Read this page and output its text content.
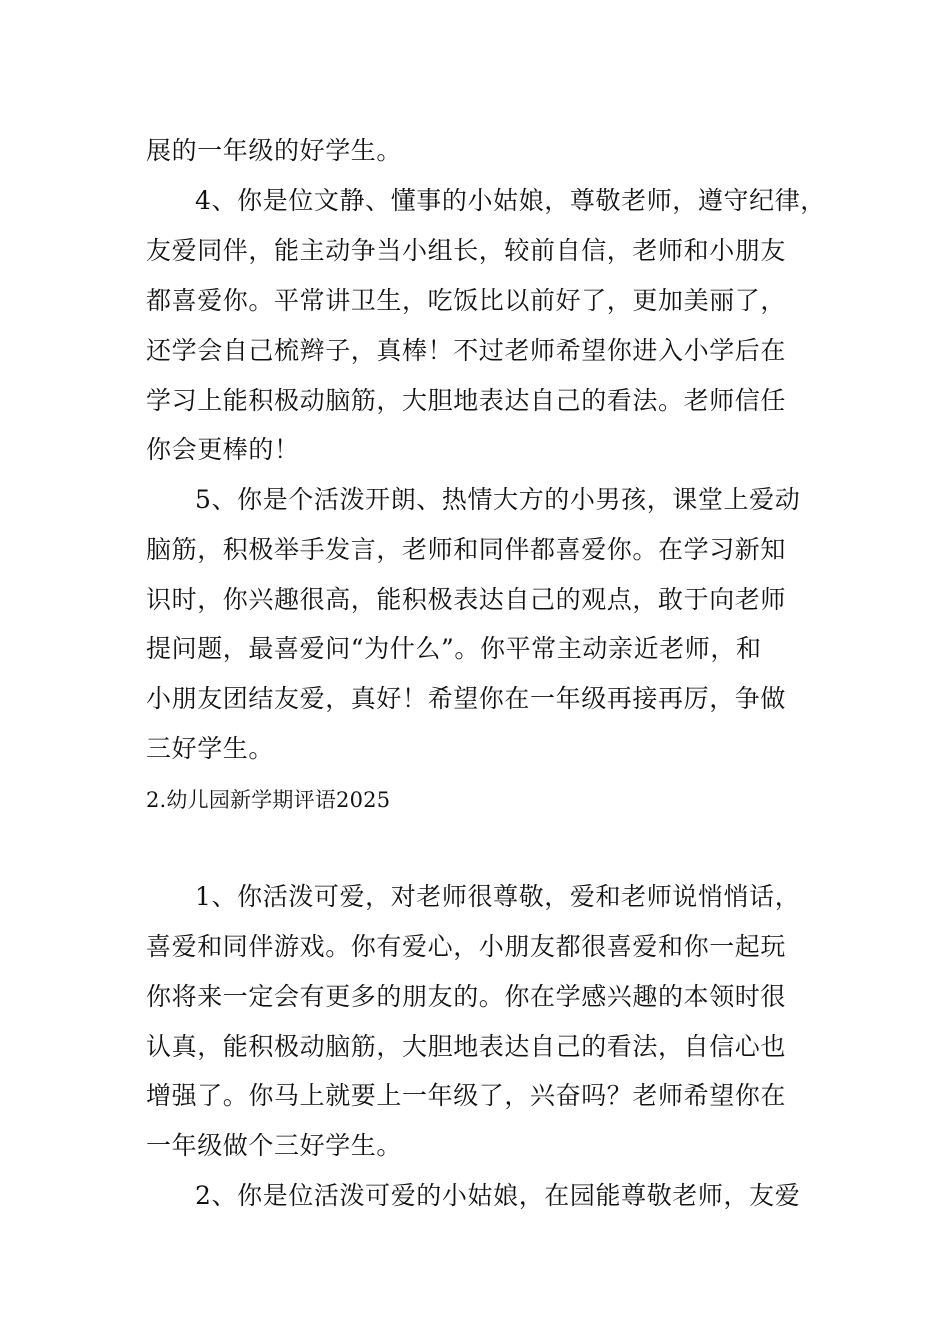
展的一年级的好学生。
4、你是位文静、懂事的小姑娘，尊敬老师，遵守纪律，
友爱同伴，能主动争当小组长，较前自信，老师和小朋友
都喜爱你。平常讲卫生，吃饭比以前好了，更加美丽了，
还学会自己梳辫子，真棒！不过老师希望你进入小学后在
学习上能积极动脑筋，大胆地表达自己的看法。老师信任
你会更棒的！
5、你是个活泼开朗、热情大方的小男孩，课堂上爱动
脑筋，积极举手发言，老师和同伴都喜爱你。在学习新知
识时，你兴趣很高，能积极表达自己的观点，敢于向老师
提问题，最喜爱问“为什么”。你平常主动亲近老师，和
小朋友团结友爱，真好！希望你在一年级再接再厉，争做
三好学生。
2.幼儿园新学期评语2025
1、你活泼可爱，对老师很尊敬，爱和老师说悄悄话，
喜爱和同伴游戏。你有爱心，小朋友都很喜爱和你一起玩
你将来一定会有更多的朋友的。你在学感兴趣的本领时很
认真，能积极动脑筋，大胆地表达自己的看法，自信心也
增强了。你马上就要上一年级了，兴奋吗？老师希望你在
一年级做个三好学生。
2、你是位活泼可爱的小姑娘，在园能尊敬老师，友爱
